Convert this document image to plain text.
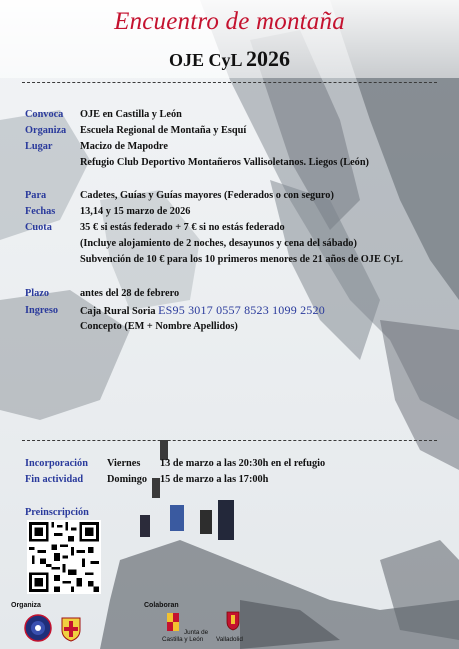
Encuentro de montaña
OJE CyL 2026
Convoca OJE en Castilla y León
Organiza Escuela Regional de Montaña y Esquí
Lugar	Macizo de Mapodre
Refugio Club Deportivo Montañeros Vallisoletanos. Liegos (León)
Para	Cadetes, Guías y Guías mayores (Federados o con seguro)
Fechas 13,14 y 15 marzo de 2026
Cuota	35 € si estás federado + 7 € si no estás federado
(Incluye alojamiento de 2 noches, desayunos y cena del sábado)
Subvención de 10 € para los 10 primeros menores de 21 años de OJE CyL
Plazo	antes del 28 de febrero
Ingreso Caja Rural Soria ES95 3017 0557 8523 1099 2520
Concepto (EM + Nombre Apellidos)
Incorporación Viernes 13 de marzo a las 20:30h en el refugio
Fin actividad Domingo 15 de marzo a las 17:00h
Preinscripción
Organiza	Colaboran
Junta de
Castilla y León	Valladolid
